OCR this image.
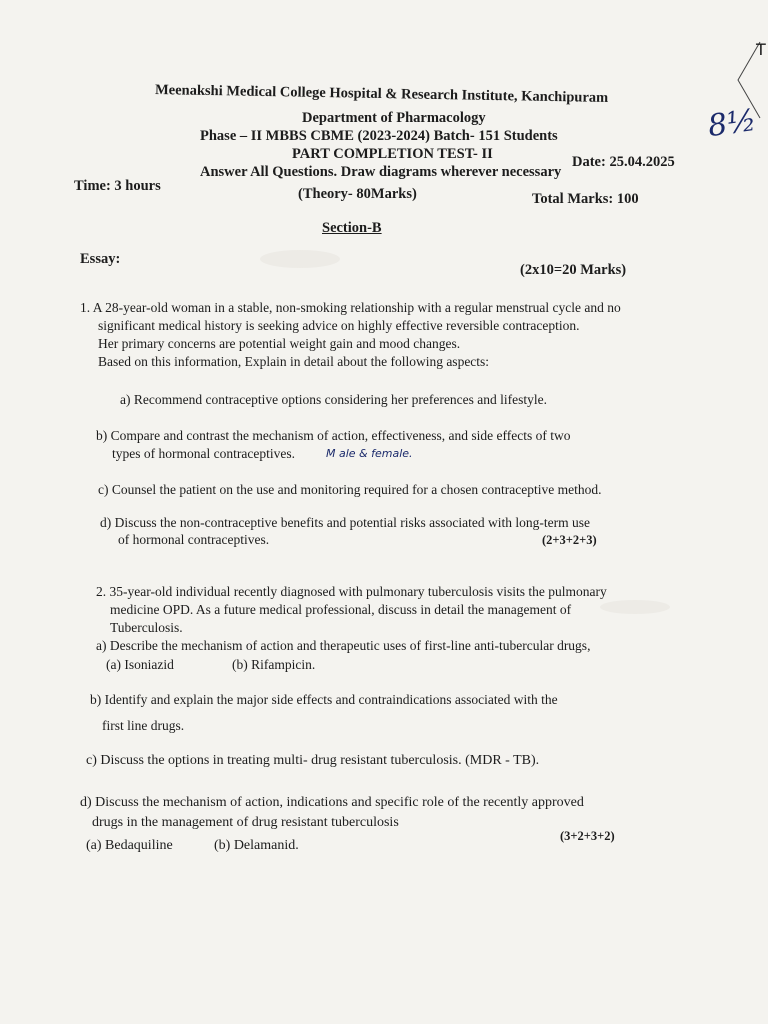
T
8½
Meenakshi Medical College Hospital & Research Institute, Kanchipuram
Department of Pharmacology
Phase – II MBBS CBME (2023-2024) Batch- 151 Students
PART COMPLETION TEST- II	Date: 25.04.2025
Answer All Questions. Draw diagrams wherever necessary
Time: 3 hours	(Theory- 80Marks)	Total Marks: 100
Section-B
Essay:
(2x10=20 Marks)
1. A 28-year-old woman in a stable, non-smoking relationship with a regular menstrual cycle and no
significant medical history is seeking advice on highly effective reversible contraception.
Her primary concerns are potential weight gain and mood changes.
Based on this information, Explain in detail about the following aspects:
a) Recommend contraceptive options considering her preferences and lifestyle.
b) Compare and contrast the mechanism of action, effectiveness, and side effects of two
types of hormonal contraceptives.	M ale & female.
c) Counsel the patient on the use and monitoring required for a chosen contraceptive method.
d) Discuss the non-contraceptive benefits and potential risks associated with long-term use
of hormonal contraceptives.	(2+3+2+3)
2. 35-year-old individual recently diagnosed with pulmonary tuberculosis visits the pulmonary
medicine OPD. As a future medical professional, discuss in detail the management of
Tuberculosis.
a) Describe the mechanism of action and therapeutic uses of first-line anti-tubercular drugs,
(a) Isoniazid	(b) Rifampicin.
b) Identify and explain the major side effects and contraindications associated with the
first line drugs.
c) Discuss the options in treating multi- drug resistant tuberculosis. (MDR - TB).
d) Discuss the mechanism of action, indications and specific role of the recently approved
drugs in the management of drug resistant tuberculosis
(3+2+3+2)
(a) Bedaquiline	(b) Delamanid.
